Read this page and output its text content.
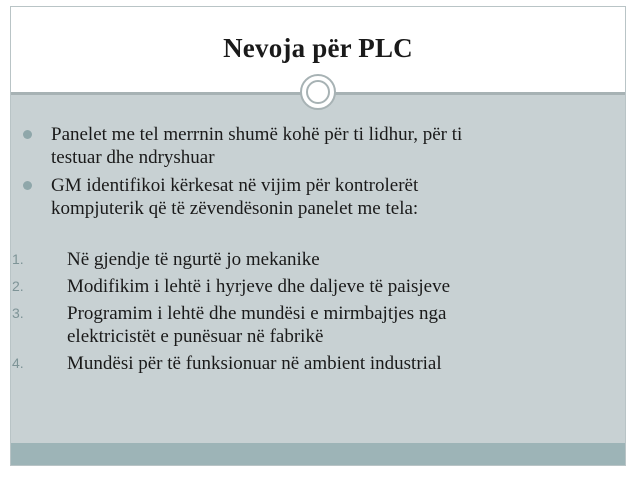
Nevoja për PLC
Panelet me tel merrnin shumë kohë për ti lidhur, për ti
testuar dhe ndryshuar
GM identifikoi kërkesat në vijim për kontrolerët
kompjuterik që të zëvendësonin panelet me tela:
1. Në gjendje të ngurtë jo mekanike
2. Modifikim i lehtë i hyrjeve dhe daljeve të paisjeve
3. Programim i lehtë dhe mundësi e mirmbajtjes nga
elektricistët e punësuar në fabrikë
4. Mundësi për të funksionuar në ambient industrial
